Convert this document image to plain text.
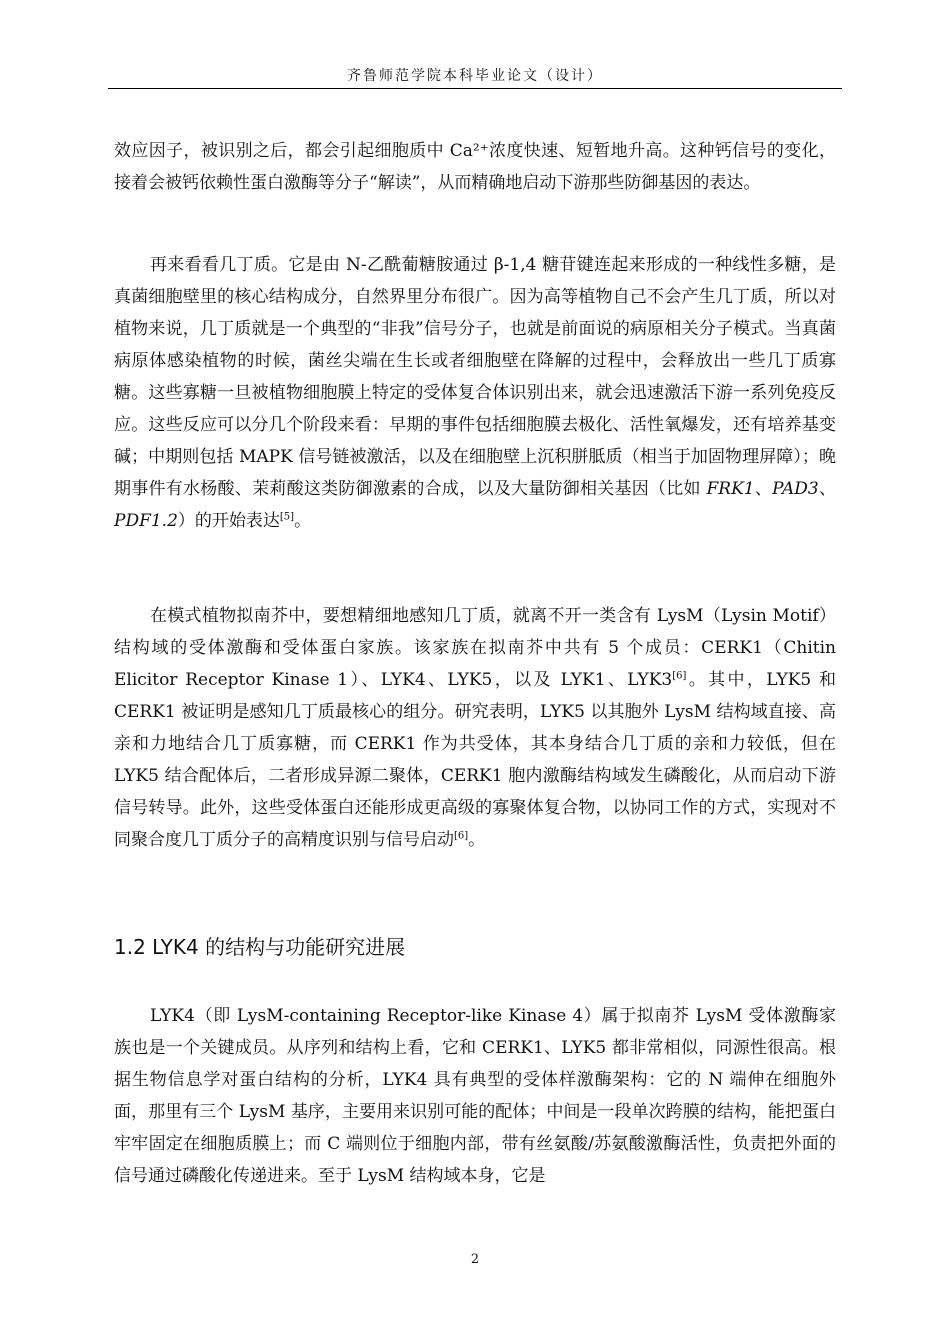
齐鲁师范学院本科毕业论文（设计）

效应因子，被识别之后，都会引起细胞质中 Ca²⁺浓度快速、短暂地升高。这种钙信号的变化，接着会被钙依赖性蛋白激酶等分子“解读”，从而精确地启动下游那些防御基因的表达。

再来看看几丁质。它是由 N-乙酰葡糖胺通过 β-1,4 糖苷键连起来形成的一种线性多糖，是真菌细胞壁里的核心结构成分，自然界里分布很广。因为高等植物自己不会产生几丁质，所以对植物来说，几丁质就是一个典型的“非我”信号分子，也就是前面说的病原相关分子模式。当真菌病原体感染植物的时候，菌丝尖端在生长或者细胞壁在降解的过程中，会释放出一些几丁质寡糖。这些寡糖一旦被植物细胞膜上特定的受体复合体识别出来，就会迅速激活下游一系列免疫反应。这些反应可以分几个阶段来看：早期的事件包括细胞膜去极化、活性氧爆发，还有培养基变碱；中期则包括 MAPK 信号链被激活，以及在细胞壁上沉积胼胝质（相当于加固物理屏障）；晚期事件有水杨酸、茉莉酸这类防御激素的合成，以及大量防御相关基因（比如 FRK1、PAD3、PDF1.2）的开始表达[5]。

在模式植物拟南芥中，要想精细地感知几丁质，就离不开一类含有 LysM（Lysin Motif）结构域的受体激酶和受体蛋白家族。该家族在拟南芥中共有 5 个成员：CERK1（Chitin Elicitor Receptor Kinase 1）、LYK4、LYK5，以及 LYK1、LYK3[6]。其中，LYK5 和 CERK1 被证明是感知几丁质最核心的组分。研究表明，LYK5 以其胞外 LysM 结构域直接、高亲和力地结合几丁质寡糖，而 CERK1 作为共受体，其本身结合几丁质的亲和力较低，但在 LYK5 结合配体后，二者形成异源二聚体，CERK1 胞内激酶结构域发生磷酸化，从而启动下游信号转导。此外，这些受体蛋白还能形成更高级的寡聚体复合物，以协同工作的方式，实现对不同聚合度几丁质分子的高精度识别与信号启动[6]。

1.2 LYK4 的结构与功能研究进展

LYK4（即 LysM-containing Receptor-like Kinase 4）属于拟南芥 LysM 受体激酶家族也是一个关键成员。从序列和结构上看，它和 CERK1、LYK5 都非常相似，同源性很高。根据生物信息学对蛋白结构的分析，LYK4 具有典型的受体样激酶架构：它的 N 端伸在细胞外面，那里有三个 LysM 基序，主要用来识别可能的配体；中间是一段单次跨膜的结构，能把蛋白牢牢固定在细胞质膜上；而 C 端则位于细胞内部，带有丝氨酸/苏氨酸激酶活性，负责把外面的信号通过磷酸化传递进来。至于 LysM 结构域本身，它是

2
